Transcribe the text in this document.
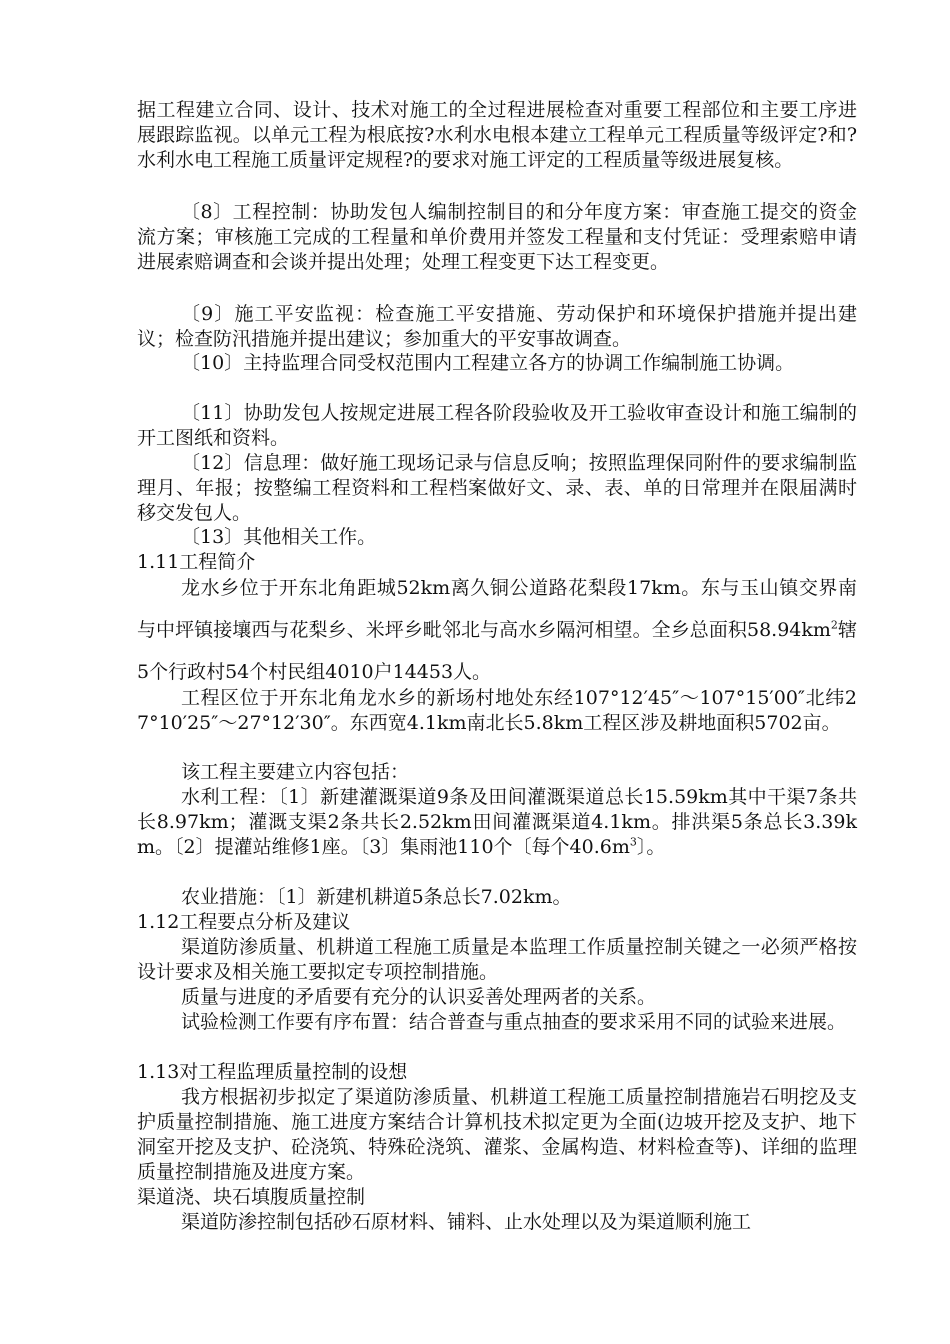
据工程建立合同、设计、技术对施工的全过程进展检查对重要工程部位和主要工序进展跟踪监视。以单元工程为根底按?水利水电根本建立工程单元工程质量等级评定?和?水利水电工程施工质量评定规程?的要求对施工评定的工程质量等级进展复核。

〔8〕工程控制：协助发包人编制控制目的和分年度方案：审查施工提交的资金流方案；审核施工完成的工程量和单价费用并签发工程量和支付凭证：受理索赔申请进展索赔调查和会谈并提出处理；处理工程变更下达工程变更。

〔9〕施工平安监视：检查施工平安措施、劳动保护和环境保护措施并提出建议；检查防汛措施并提出建议；参加重大的平安事故调查。

〔10〕主持监理合同受权范围内工程建立各方的协调工作编制施工协调。

〔11〕协助发包人按规定进展工程各阶段验收及开工验收审查设计和施工编制的开工图纸和资料。

〔12〕信息理：做好施工现场记录与信息反响；按照监理保同附件的要求编制监理月、年报；按整编工程资料和工程档案做好文、录、表、单的日常理并在限届满时移交发包人。

〔13〕其他相关工作。

1.11工程简介

龙水乡位于开东北角距城52km离久铜公道路花梨段17km。东与玉山镇交界南与中坪镇接壤西与花梨乡、米坪乡毗邻北与高水乡隔河相望。全乡总面积$58.94km^2$辖5个行政村54个村民组4010户14453人。

工程区位于开东北角龙水乡的新场村地处东经107°12′45″～107°15′00″北纬27°10′25″～27°12′30″。东西宽4.1km南北长5.8km工程区涉及耕地面积5702亩。

该工程主要建立内容包括：

水利工程：〔1〕新建灌溉渠道9条及田间灌溉渠道总长15.59km其中干渠7条共长8.97km；灌溉支渠2条共长2.52km田间灌溉渠道4.1km。排洪渠5条总长3.39km。〔2〕提灌站维修1座。〔3〕集雨池110个〔每个$40.6m^3$〕。

农业措施：〔1〕新建机耕道5条总长7.02km。

1.12工程要点分析及建议

渠道防渗质量、机耕道工程施工质量是本监理工作质量控制关键之一必须严格按设计要求及相关施工要拟定专项控制措施。

质量与进度的矛盾要有充分的认识妥善处理两者的关系。

试验检测工作要有序布置：结合普查与重点抽查的要求采用不同的试验来进展。

1.13对工程监理质量控制的设想

我方根据初步拟定了渠道防渗质量、机耕道工程施工质量控制措施岩石明挖及支护质量控制措施、施工进度方案结合计算机技术拟定更为全面(边坡开挖及支护、地下洞室开挖及支护、砼浇筑、特殊砼浇筑、灌浆、金属构造、材料检查等)、详细的监理质量控制措施及进度方案。

渠道浇、块石填腹质量控制

渠道防渗控制包括砂石原材料、铺料、止水处理以及为渠道顺利施工
